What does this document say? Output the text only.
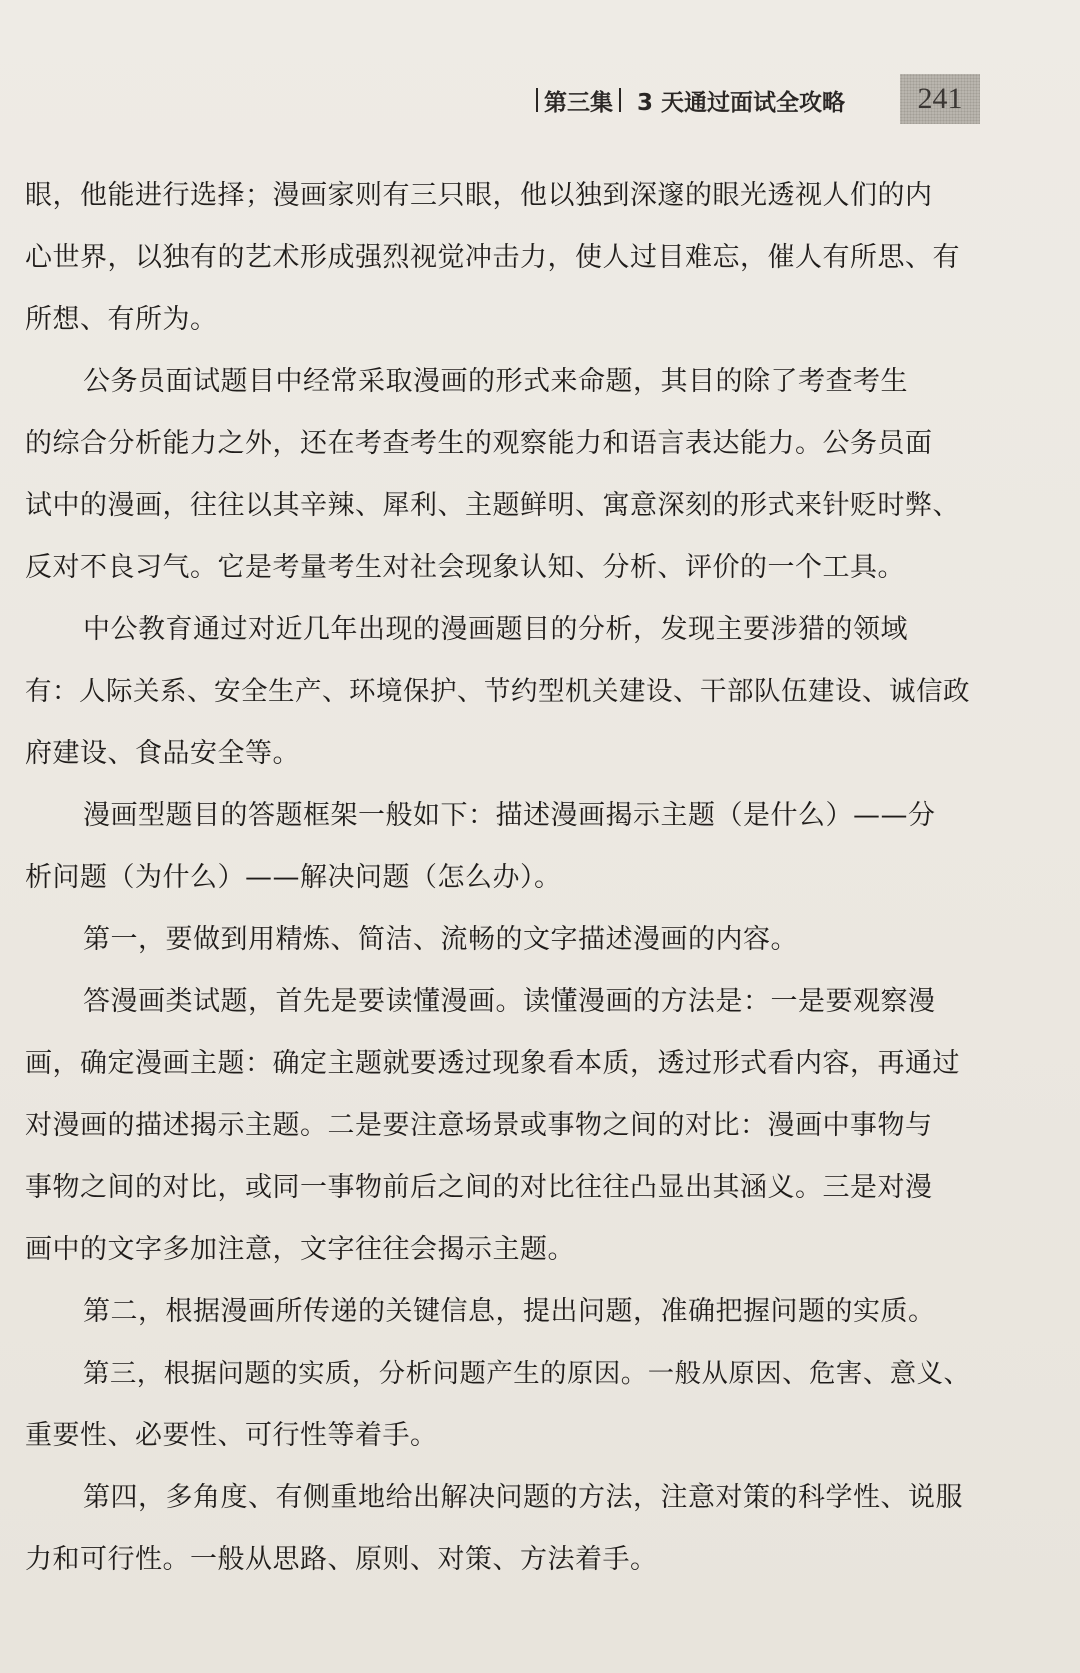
第三集 3 天通过面试全攻略	241
眼，他能进行选择；漫画家则有三只眼，他以独到深邃的眼光透视人们的内
心世界，以独有的艺术形成强烈视觉冲击力，使人过目难忘，催人有所思、有
所想、有所为。
公务员面试题目中经常采取漫画的形式来命题，其目的除了考查考生
的综合分析能力之外，还在考查考生的观察能力和语言表达能力。公务员面
试中的漫画，往往以其辛辣、犀利、主题鲜明、寓意深刻的形式来针贬时弊、
反对不良习气。它是考量考生对社会现象认知、分析、评价的一个工具。
中公教育通过对近几年出现的漫画题目的分析，发现主要涉猎的领域
有：人际关系、安全生产、环境保护、节约型机关建设、干部队伍建设、诚信政
府建设、食品安全等。
漫画型题目的答题框架一般如下：描述漫画揭示主题（是什么）——分
析问题（为什么）——解决问题（怎么办）。
第一，要做到用精炼、简洁、流畅的文字描述漫画的内容。
答漫画类试题，首先是要读懂漫画。读懂漫画的方法是：一是要观察漫
画，确定漫画主题：确定主题就要透过现象看本质，透过形式看内容，再通过
对漫画的描述揭示主题。二是要注意场景或事物之间的对比：漫画中事物与
事物之间的对比，或同一事物前后之间的对比往往凸显出其涵义。三是对漫
画中的文字多加注意，文字往往会揭示主题。
第二，根据漫画所传递的关键信息，提出问题，准确把握问题的实质。
第三，根据问题的实质，分析问题产生的原因。一般从原因、危害、意义、
重要性、必要性、可行性等着手。
第四，多角度、有侧重地给出解决问题的方法，注意对策的科学性、说服
力和可行性。一般从思路、原则、对策、方法着手。
